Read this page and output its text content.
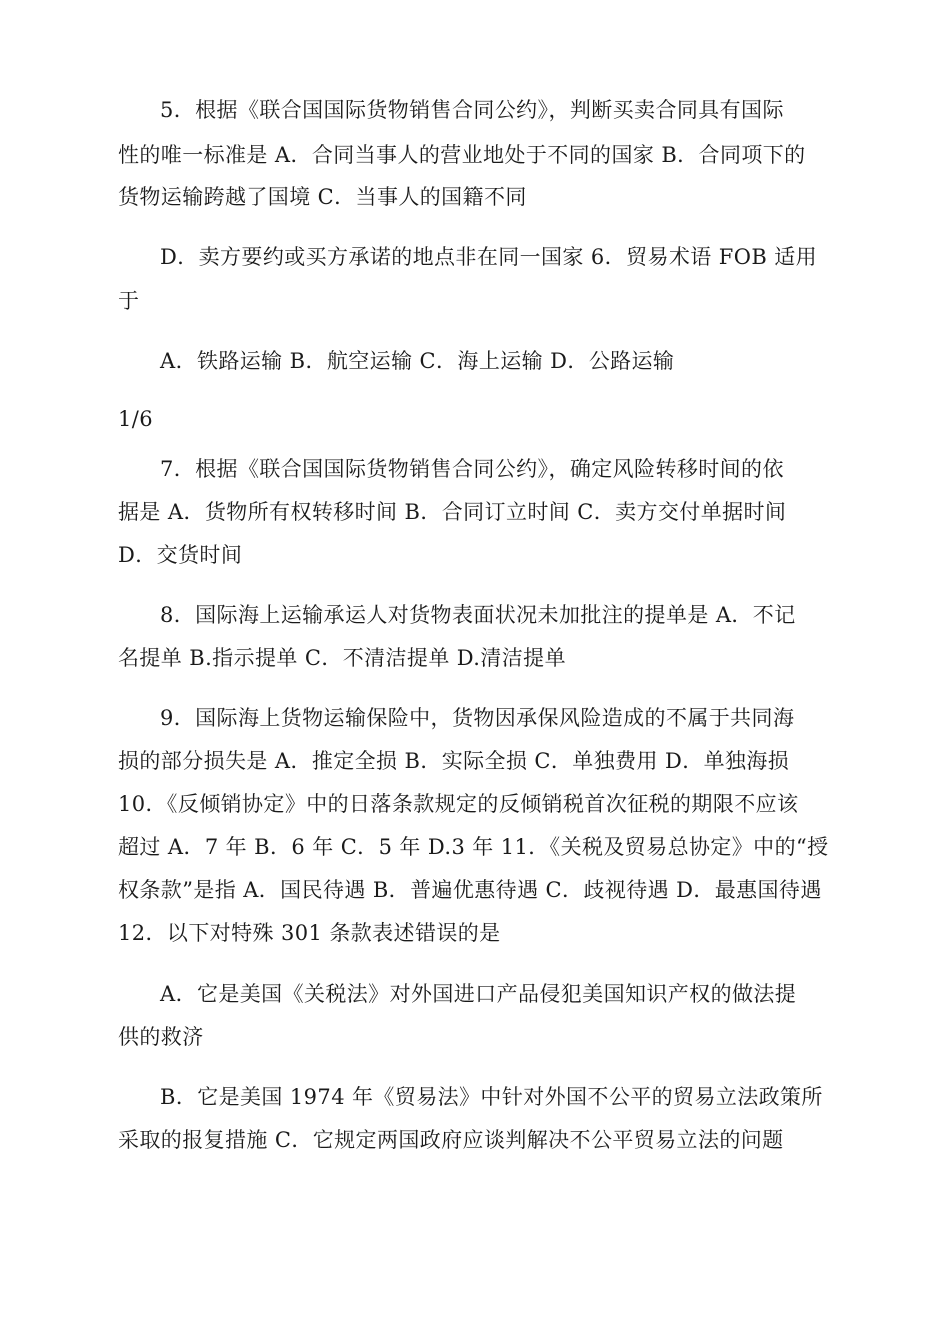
5．根据《联合国国际货物销售合同公约》，判断买卖合同具有国际
性的唯一标准是 A．合同当事人的营业地处于不同的国家 B．合同项下的
货物运输跨越了国境 C．当事人的国籍不同
D．卖方要约或买方承诺的地点非在同一国家 6．贸易术语 FOB 适用
于
A．铁路运输 B．航空运输 C．海上运输 D．公路运输
1/6
7．根据《联合国国际货物销售合同公约》，确定风险转移时间的依
据是 A．货物所有权转移时间 B．合同订立时间 C．卖方交付单据时间
D．交货时间
8．国际海上运输承运人对货物表面状况未加批注的提单是 A．不记
名提单 B.指示提单 C．不清洁提单 D.清洁提单
9．国际海上货物运输保险中，货物因承保风险造成的不属于共同海
损的部分损失是 A．推定全损 B．实际全损 C．单独费用 D．单独海损
10．《反倾销协定》中的日落条款规定的反倾销税首次征税的期限不应该
超过 A．7 年 B．6 年 C．5 年 D.3 年 11．《关税及贸易总协定》中的“授
权条款”是指 A．国民待遇 B．普遍优惠待遇 C．歧视待遇 D．最惠国待遇
12．以下对特殊 301 条款表述错误的是
A．它是美国《关税法》对外国进口产品侵犯美国知识产权的做法提
供的救济
B．它是美国 1974 年《贸易法》中针对外国不公平的贸易立法政策所
采取的报复措施 C．它规定两国政府应谈判解决不公平贸易立法的问题
